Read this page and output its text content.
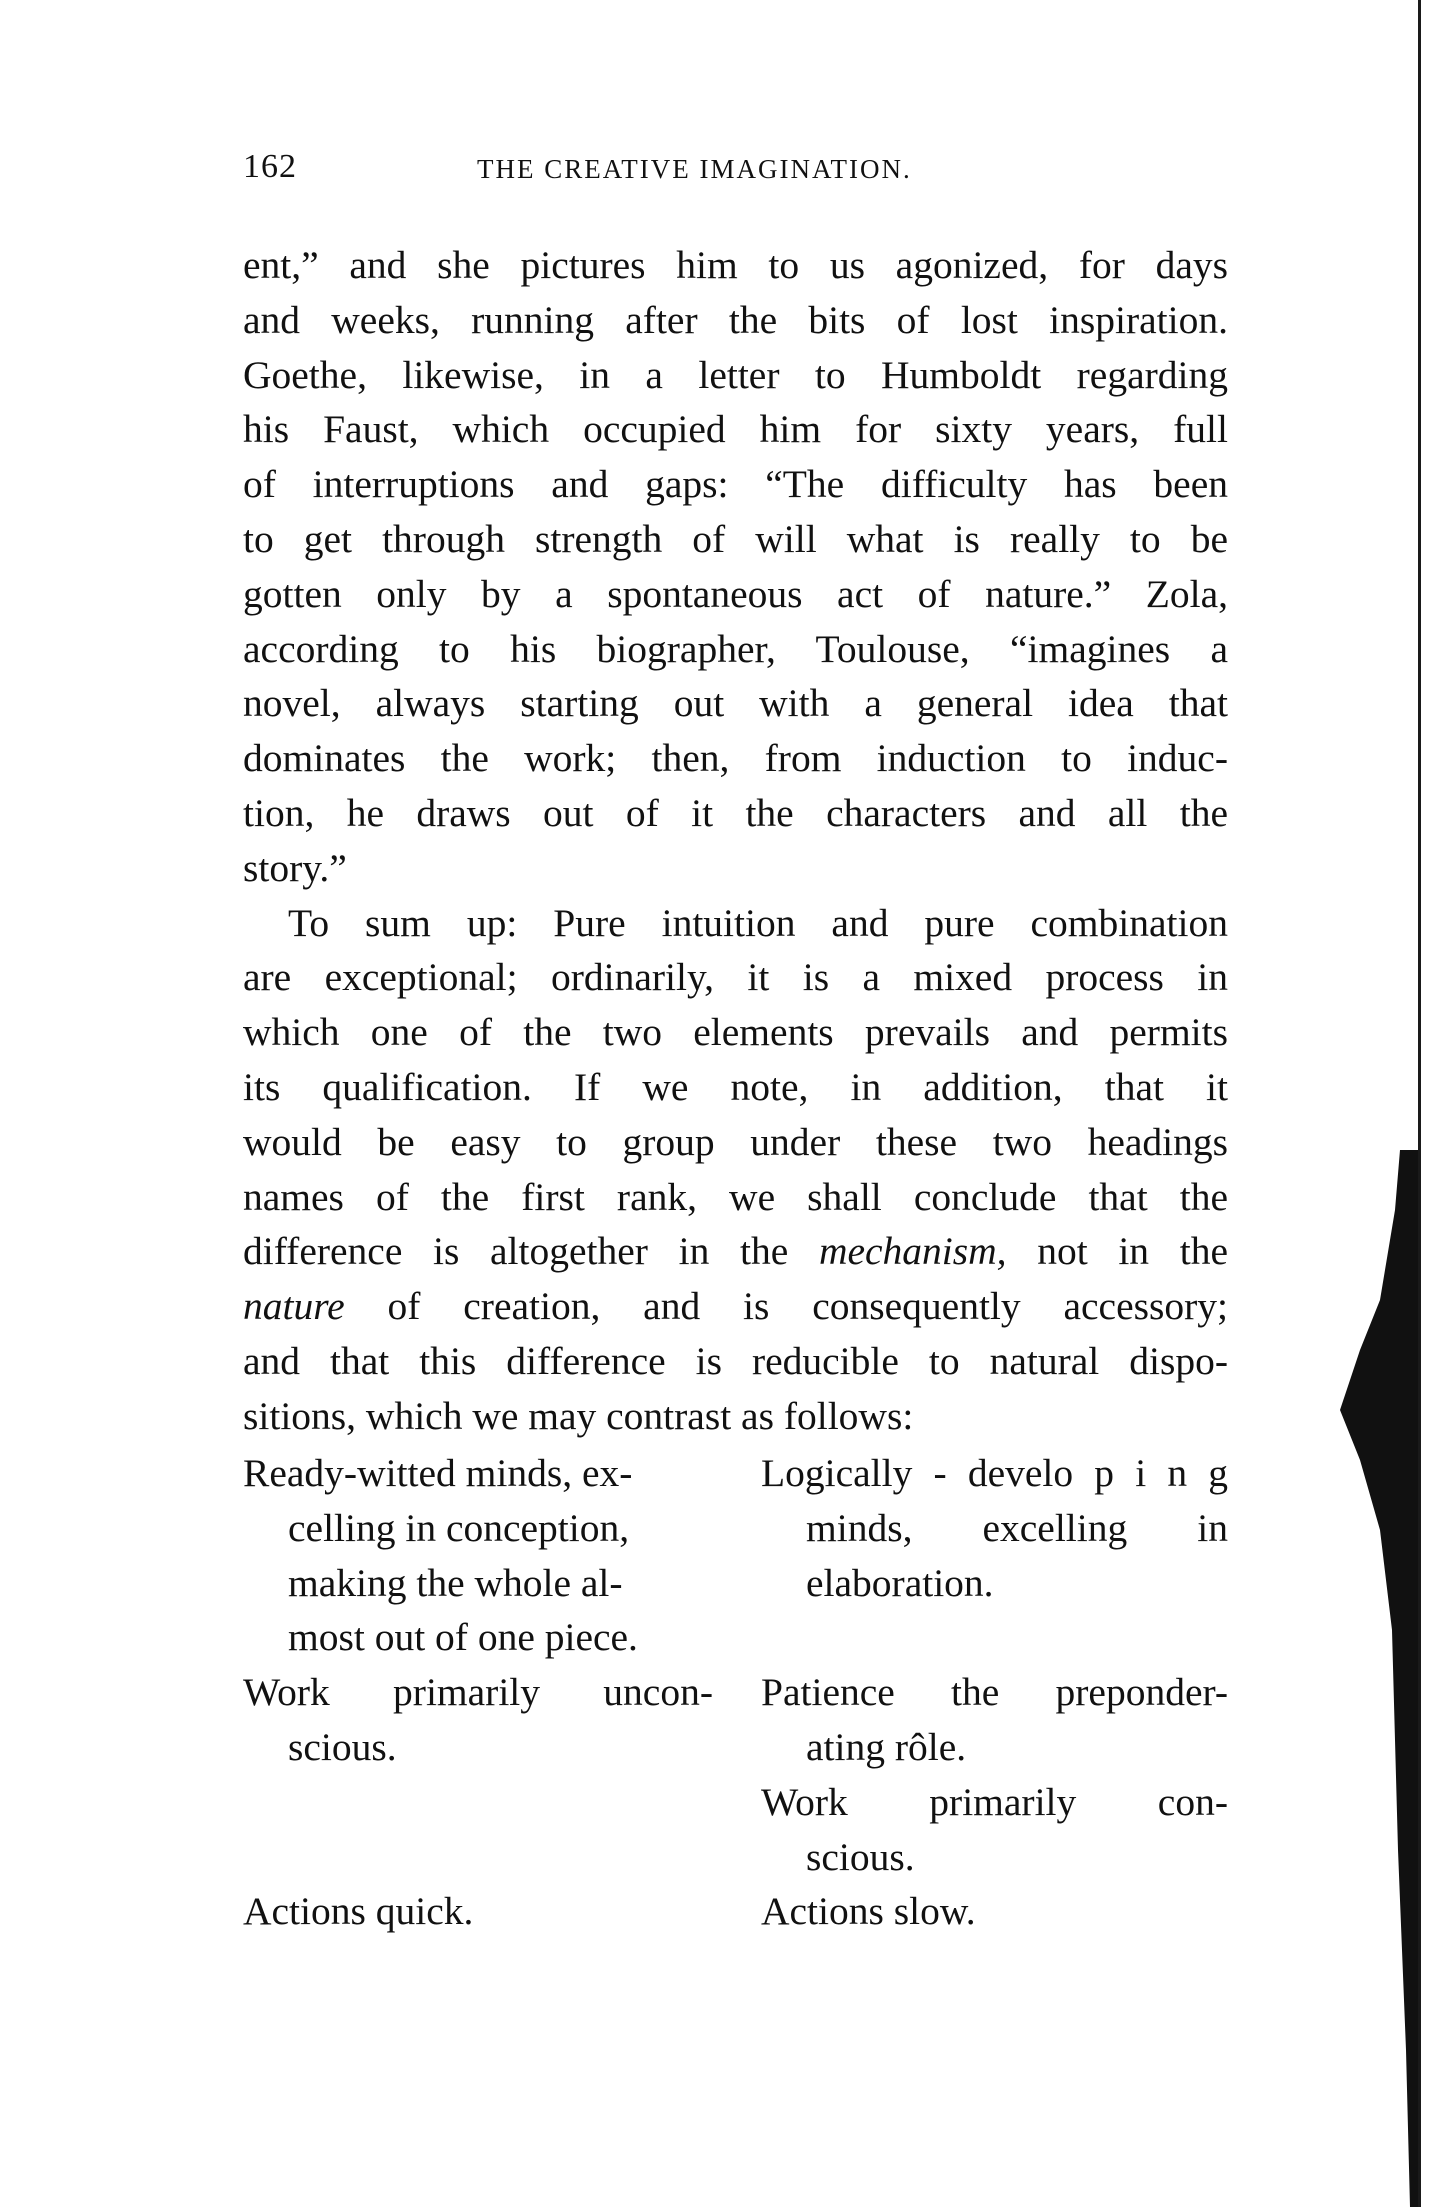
162	THE CREATIVE IMAGINATION.
ent,” and she pictures him to us agonized, for days
and weeks, running after the bits of lost inspiration.
Goethe, likewise, in a letter to Humboldt regarding
his Faust, which occupied him for sixty years, full
of interruptions and gaps: “The difficulty has been
to get through strength of will what is really to be
gotten only by a spontaneous act of nature.” Zola,
according to his biographer, Toulouse, “imagines a
novel, always starting out with a general idea that
dominates the work; then, from induction to induc-
tion, he draws out of it the characters and all the
story.”
To sum up: Pure intuition and pure combination
are exceptional; ordinarily, it is a mixed process in
which one of the two elements prevails and permits
its qualification. If we note, in addition, that it
would be easy to group under these two headings
names of the first rank, we shall conclude that the
difference is altogether in the mechanism, not in the
nature of creation, and is consequently accessory;
and that this difference is reducible to natural dispo-
sitions, which we may contrast as follows:
Ready-witted minds, ex-
celling in conception,
making the whole al-
most out of one piece.
Work primarily uncon-
scious.
Actions quick.
Logically - develo p i n g
minds, excelling in
elaboration.
Patience the preponder-
ating rôle.
Work primarily con-
scious.
Actions slow.
